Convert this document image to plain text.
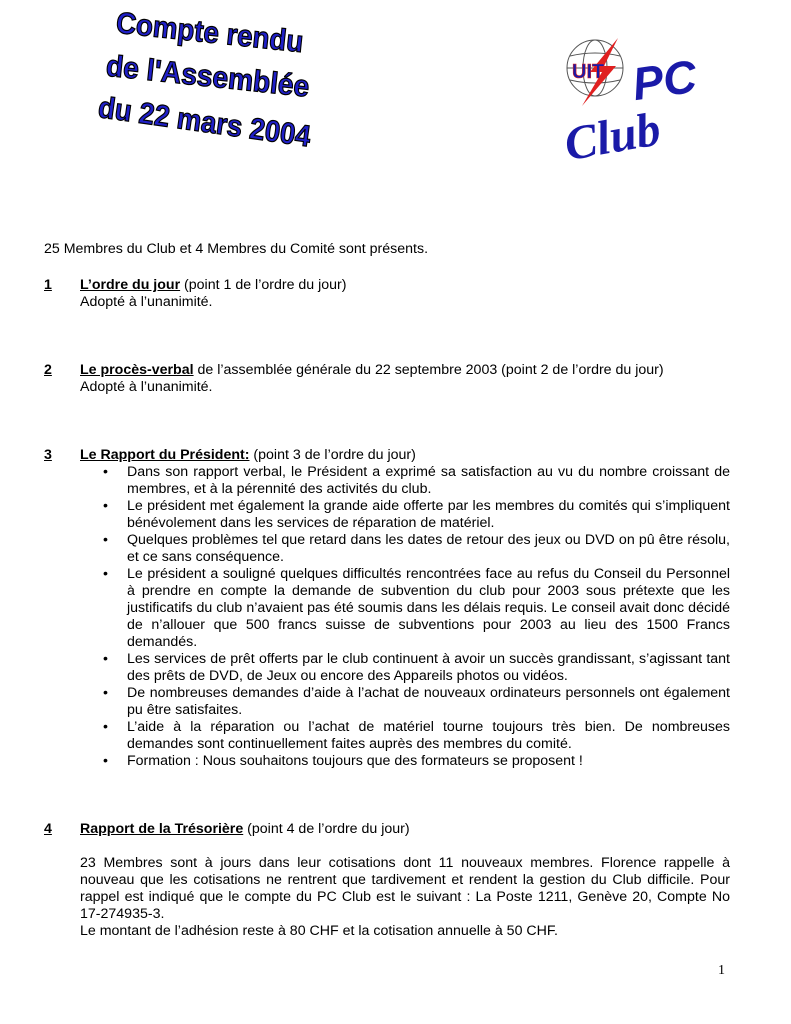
Compte rendu
de l'Assemblée
du 22 mars 2004
UIT PC
Club

25 Membres du Club et 4 Membres du Comité sont présents.

1	L’ordre du jour (point 1 de l’ordre du jour)

Adopté à l’unanimité.

2	Le procès-verbal de l’assemblée générale du 22 septembre 2003 (point 2 de l’ordre du jour)

Adopté à l’unanimité.

3	Le Rapport du Président: (point 3 de l’ordre du jour)
• Dans son rapport verbal, le Président a exprimé sa satisfaction au vu du nombre croissant de membres, et à la pérennité des activités du club.
• Le président met également la grande aide offerte par les membres du comités qui s’impliquent bénévolement dans les services de réparation de matériel.
• Quelques problèmes tel que retard dans les dates de retour des jeux ou DVD on pû être résolu, et ce sans conséquence.
• Le président a souligné quelques difficultés rencontrées face au refus du Conseil du Personnel à prendre en compte la demande de subvention du club pour 2003 sous prétexte que les justificatifs du club n’avaient pas été soumis dans les délais requis. Le conseil avait donc décidé de n’allouer que 500 francs suisse de subventions pour 2003 au lieu des 1500 Francs demandés.
• Les services de prêt offerts par le club continuent à avoir un succès grandissant, s’agissant tant des prêts de DVD, de Jeux ou encore des Appareils photos ou vidéos.
• De nombreuses demandes d’aide à l’achat de nouveaux ordinateurs personnels ont également pu être satisfaites.
• L’aide à la réparation ou l’achat de matériel tourne toujours très bien. De nombreuses demandes sont continuellement faites auprès des membres du comité.
• Formation : Nous souhaitons toujours que des formateurs se proposent !
4	Rapport de la Trésorière (point 4 de l’ordre du jour)

23 Membres sont à jours dans leur cotisations dont 11 nouveaux membres. Florence rappelle à nouveau que les cotisations ne rentrent que tardivement et rendent la gestion du Club difficile. Pour rappel est indiqué que le compte du PC Club est le suivant : La Poste 1211, Genève 20, Compte No 17-274935-3.

Le montant de l’adhésion reste à 80 CHF et la cotisation annuelle à 50 CHF.

1
